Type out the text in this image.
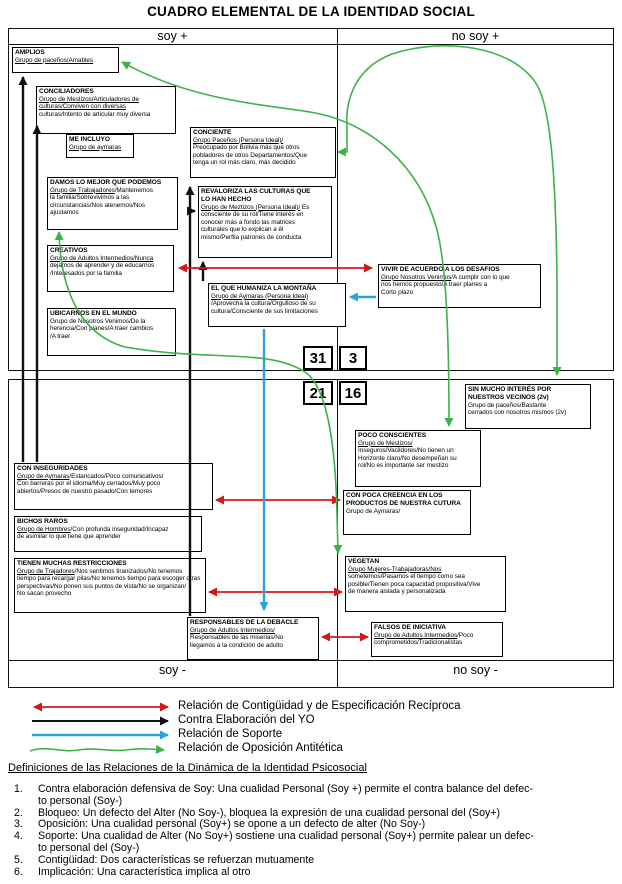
CUADRO ELEMENTAL DE LA IDENTIDAD SOCIAL
soy +	no soy +
soy -	no soy -
31	3
21	16
AMPLIOS
Grupo de paceños/Amables
CONCILIADORES
Grupo de Mestizos/Articuladores de
culturas/Conviven con diversas
culturas/Intento de articular muy diversa
ME INCLUYO
Grupo de aymaras
DAMOS LO MEJOR QUE PODEMOS
Grupo de Trabajadores/Mantenemos
la familia/Sobrevivimos a las
circunstancias/Nos atenemos/Nos
ajustamos
CREATIVOS
Grupo de Adultos Intermedios/Nunca
dejamos de aprender y de educarnos
/Interesados por la familia
UBICARNOS EN EL MUNDO
Grupo de Nosotros Venimos/De la
herencia/Con planes/A traer cambios
/A traer
CONCIENTE
Grupo Paceños (Persona Ideal)/
Preocupado por Bolivia más que otros
pobladores de otros Departamentos/Que
tenga un rol más claro, más decidido
REVALORIZA LAS CULTURAS QUE
LO HAN HECHO
Grupo de Meztizos (Persona Ideal)/ Es
consciente de su rol/Tiene interés en
conocer más a fondo las matrices
culturales que lo explican a él
mismo/Perfila patrones de conducta
EL QUE HUMANIZA LA MONTAÑA
Grupo de Aymaras (Persona Ideal)
/Aprovecha la cultura/Orgulloso de su
cultura/Consciente de sus limitaciones
VIVIR DE ACUERDO A LOS DESAFIOS
Grupo Nosotros Venimos/A cumplir con lo que
nos hemos propuesto/A traer planes a
Corto plazo
SIN MUCHO INTERÉS POR
NUESTROS VECINOS (2v)
Grupo de paceños/Bastante
cerrados con nosotros mismos (2v)
POCO CONSCIENTES
Grupo de Mestizos/
Inseguros/Vacildores/No tienen un
Horizonte claro/No desempeñan su
rol/No es importante ser mestizo
CON POCA CREENCIA EN LOS
PRODUCTOS DE NUESTRA CUTURA
Grupo de Aymaras/
VEGETAN
Grupo Mujeres-Trabajadoras/Nos
sometemos/Pasamos el tiempo como sea
posible/Tienen poca capacidad propositiva/Vive
de manera aislada y personalizada
FALSOS DE INICIATIVA
Grupo de Adultos Intermedios/Poco
comprometidos/Tradicionalistas
CON INSEGURIDADES
Grupo de Aymaras/Estancados/Poco comunicativos/
Con barreras por el idioma/Muy cerrados/Muy poco
abiertos/Presos de nuestro pasado/Con temores
BICHOS RAROS
Grupo de Hombres/Con profunda inseguridad/Incapaz
de asimilar lo que tiene que aprender
TIENEN MUCHAS RESTRICCIONES
Grupo de Trajadores/Nos sentimos tiranizados/No tenemos
tiempo para recargar pilas/No tenemos tiempo para escoger otras
perspectivas/No ponen sus puntos de vista/No se organizan/
No sacan provecho
RESPONSABLES DE LA DEBACLE
Grupo de Adultos Intermedios/
Responsables de las miserias/No
llegamos a la condición de adulto
Relación de Contigüidad y de Especificación Recíproca
Contra Elaboración del YO
Relación de Soporte
Relación de Oposición Antitética
Definiciones de las Relaciones de la Dinámica de la Identidad Psicosocial
1.	Contra elaboración defensiva de Soy: Una cualidad Personal (Soy +) permite el contra balance del defec-
to personal (Soy-)
2.	Bloqueo: Un defecto del Alter (No Soy-), bloquea la expresión de una cualidad personal del (Soy+)
3.	Oposición: Una cualidad personal (Soy+) se opone a un defecto de alter (No Soy-)
4.	Soporte: Una cualidad de Alter (No Soy+) sostiene una cualidad personal (Soy+) permite palear un defec-
to personal del (Soy-)
5.	Contigüidad: Dos características se refuerzan mutuamente
6.	Implicación: Una característica implica al otro
